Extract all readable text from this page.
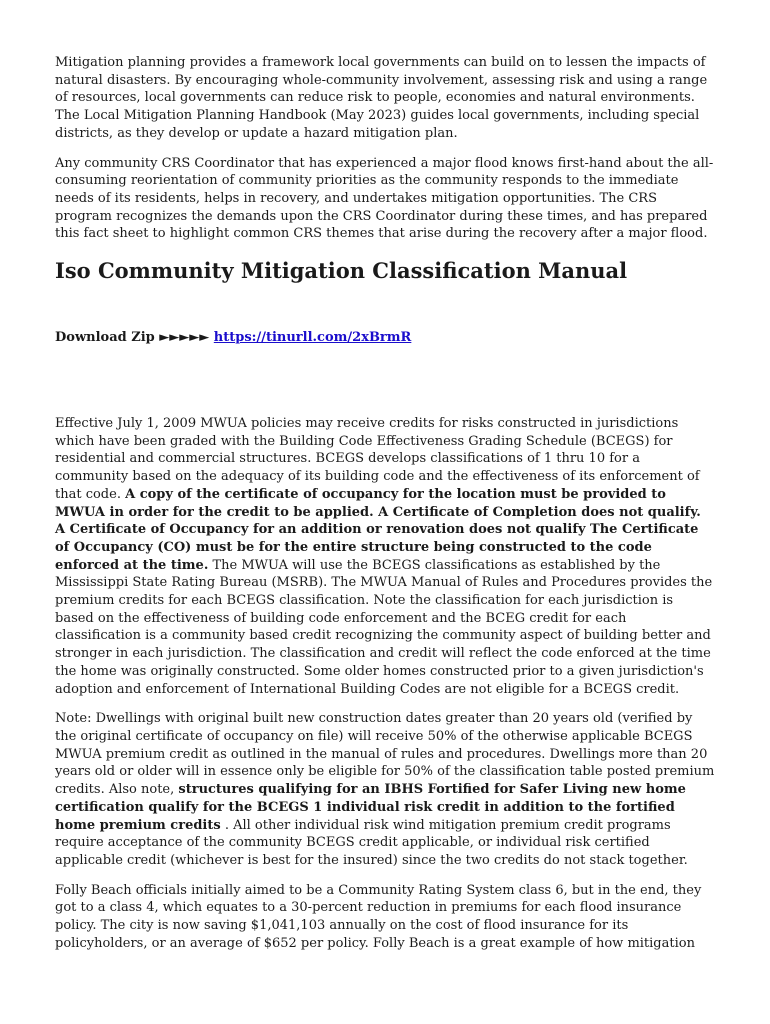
Mitigation planning provides a framework local governments can build on to lessen the impacts of natural disasters. By encouraging whole-community involvement, assessing risk and using a range of resources, local governments can reduce risk to people, economies and natural environments. The Local Mitigation Planning Handbook (May 2023) guides local governments, including special districts, as they develop or update a hazard mitigation plan.

Any community CRS Coordinator that has experienced a major flood knows first-hand about the all-consuming reorientation of community priorities as the community responds to the immediate needs of its residents, helps in recovery, and undertakes mitigation opportunities. The CRS program recognizes the demands upon the CRS Coordinator during these times, and has prepared this fact sheet to highlight common CRS themes that arise during the recovery after a major flood.

Iso Community Mitigation Classification Manual
Download Zip ►►►►► https://tinurll.com/2xBrmR

Effective July 1, 2009 MWUA policies may receive credits for risks constructed in jurisdictions which have been graded with the Building Code Effectiveness Grading Schedule (BCEGS) for residential and commercial structures. BCEGS develops classifications of 1 thru 10 for a community based on the adequacy of its building code and the effectiveness of its enforcement of that code. A copy of the certificate of occupancy for the location must be provided to MWUA in order for the credit to be applied. A Certificate of Completion does not qualify. A Certificate of Occupancy for an addition or renovation does not qualify The Certificate of Occupancy (CO) must be for the entire structure being constructed to the code enforced at the time. The MWUA will use the BCEGS classifications as established by the Mississippi State Rating Bureau (MSRB). The MWUA Manual of Rules and Procedures provides the premium credits for each BCEGS classification. Note the classification for each jurisdiction is based on the effectiveness of building code enforcement and the BCEG credit for each classification is a community based credit recognizing the community aspect of building better and stronger in each jurisdiction. The classification and credit will reflect the code enforced at the time the home was originally constructed. Some older homes constructed prior to a given jurisdiction's adoption and enforcement of International Building Codes are not eligible for a BCEGS credit.

Note: Dwellings with original built new construction dates greater than 20 years old (verified by the original certificate of occupancy on file) will receive 50% of the otherwise applicable BCEGS MWUA premium credit as outlined in the manual of rules and procedures. Dwellings more than 20 years old or older will in essence only be eligible for 50% of the classification table posted premium credits. Also note, structures qualifying for an IBHS Fortified for Safer Living new home certification qualify for the BCEGS 1 individual risk credit in addition to the fortified home premium credits . All other individual risk wind mitigation premium credit programs require acceptance of the community BCEGS credit applicable, or individual risk certified applicable credit (whichever is best for the insured) since the two credits do not stack together.

Folly Beach officials initially aimed to be a Community Rating System class 6, but in the end, they got to a class 4, which equates to a 30-percent reduction in premiums for each flood insurance policy. The city is now saving $1,041,103 annually on the cost of flood insurance for its policyholders, or an average of $652 per policy. Folly Beach is a great example of how mitigation
